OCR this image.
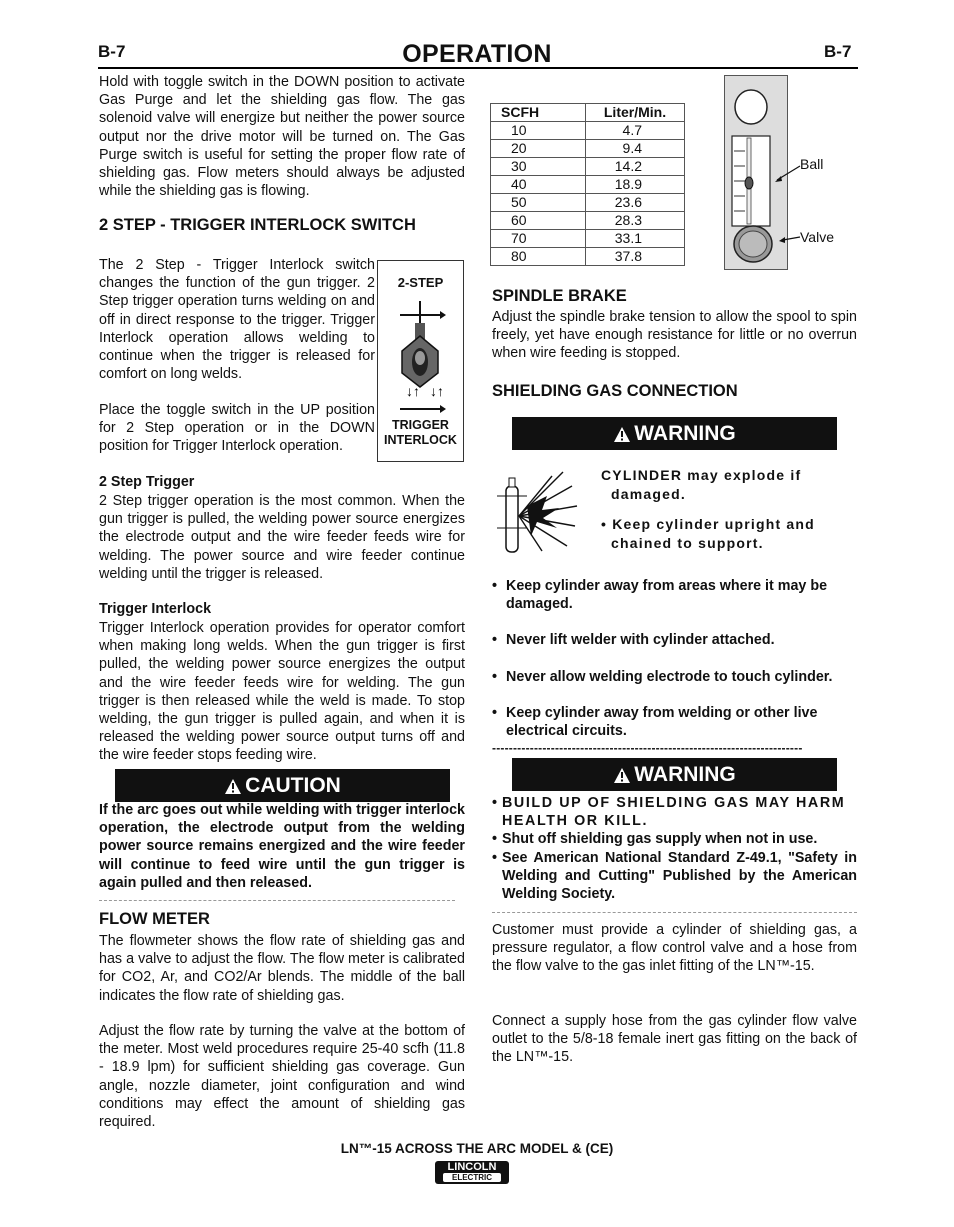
B-7	OPERATION	B-7
Hold with toggle switch in the DOWN position to activate Gas Purge and let the shielding gas flow. The gas solenoid valve will energize but neither the power source output nor the drive motor will be turned on. The Gas Purge switch is useful for setting the proper flow rate of shielding gas. Flow meters should always be adjusted while the shielding gas is flowing.
2 STEP - TRIGGER INTERLOCK SWITCH
The 2 Step - Trigger Interlock switch changes the function of the gun trigger. 2 Step trigger operation turns welding on and off in direct response to the trigger. Trigger Interlock operation allows welding to continue when the trigger is released for comfort on long welds.
Place the toggle switch in the UP position for 2 Step operation or in the DOWN position for Trigger Interlock operation.
2-STEP
↓↑ ↓↑
TRIGGER
INTERLOCK
2 Step Trigger
2 Step trigger operation is the most common. When the gun trigger is pulled, the welding power source energizes the electrode output and the wire feeder feeds wire for welding. The power source and wire feeder continue welding until the trigger is released.
Trigger Interlock
Trigger Interlock operation provides for operator comfort when making long welds. When the gun trigger is first pulled, the welding power source energizes the output and the wire feeder feeds wire for welding. The gun trigger is then released while the weld is made. To stop welding, the gun trigger is pulled again, and when it is released the welding power source output turns off and the wire feeder stops feeding wire.
CAUTION
If the arc goes out while welding with trigger interlock operation, the electrode output from the welding power source remains energized and the wire feeder will continue to feed wire until the gun trigger is again pulled and then released.
FLOW METER
The flowmeter shows the flow rate of shielding gas and has a valve to adjust the flow. The flow meter is calibrated for CO2, Ar, and CO2/Ar blends. The middle of the ball indicates the flow rate of shielding gas.
Adjust the flow rate by turning the valve at the bottom of the meter. Most weld procedures require 25-40 scfh (11.8 - 18.9 lpm) for sufficient shielding gas coverage. Gun angle, nozzle diameter, joint configuration and wind conditions may effect the amount of shielding gas required.
SCFH	Liter/Min.
10	4.7
20	9.4
30	14.2
40	18.9
50	23.6
60	28.3
70	33.1
80	37.8
Ball
Valve
SPINDLE BRAKE
Adjust the spindle brake tension to allow the spool to spin freely, yet have enough resistance for little or no overrun when wire feeding is stopped.
SHIELDING GAS CONNECTION
WARNING
CYLINDER may explode if
damaged.
• Keep cylinder upright and
chained to support.
• Keep cylinder away from areas where it may be damaged.
• Never lift welder with cylinder attached.
• Never allow welding electrode to touch cylinder.
• Keep cylinder away from welding or other live electrical circuits.
--------------------------------------------------------------------------
WARNING
• BUILD UP OF SHIELDING GAS MAY HARM HEALTH OR KILL.
• Shut off shielding gas supply when not in use.
• See American National Standard Z-49.1, "Safety in Welding and Cutting" Published by the American Welding Society.
Customer must provide a cylinder of shielding gas, a pressure regulator, a flow control valve and a hose from the flow valve to the gas inlet fitting of the LN™-15.
Connect a supply hose from the gas cylinder flow valve outlet to the 5/8-18 female inert gas fitting on the back of the LN™-15.
LN™-15 ACROSS THE ARC MODEL & (CE)
LINCOLN
ELECTRIC
